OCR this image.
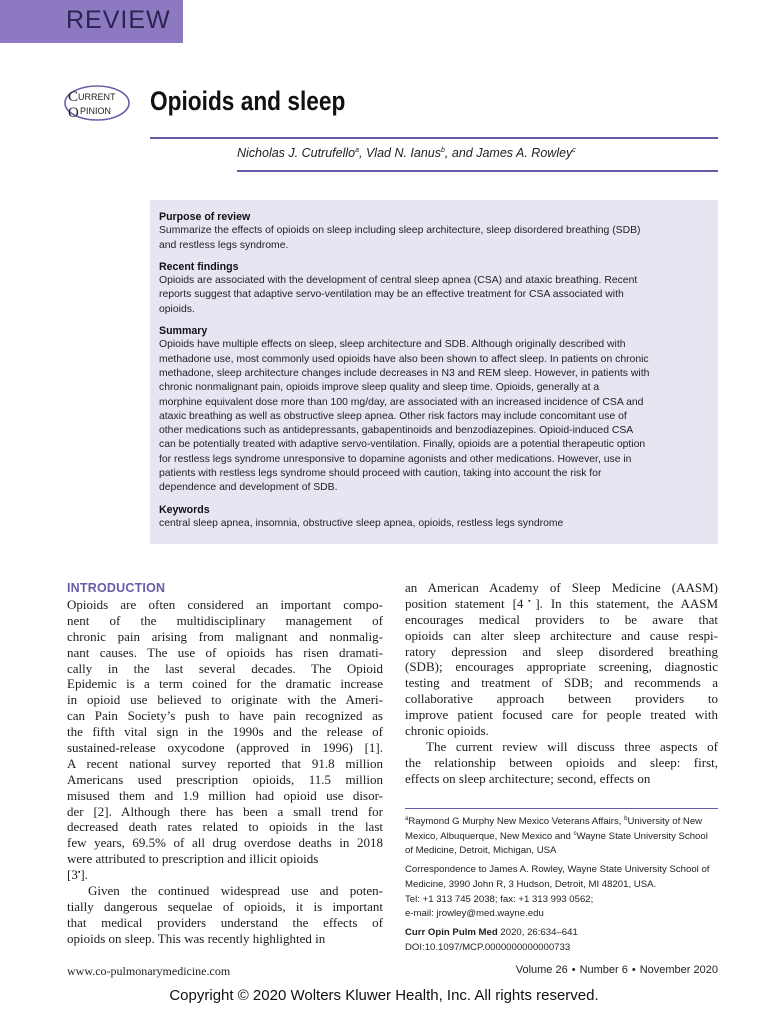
REVIEW
C
O
URRENT
PINION Opioids and sleep
Nicholas J. Cutrufello$^a$, Vlad N. Ianus$^b$, and James A. Rowley$^c$
Purpose of review
Summarize the effects of opioids on sleep including sleep architecture, sleep disordered breathing (SDB)
and restless legs syndrome.
Recent findings
Opioids are associated with the development of central sleep apnea (CSA) and ataxic breathing. Recent
reports suggest that adaptive servo-ventilation may be an effective treatment for CSA associated with
opioids.
Summary
Opioids have multiple effects on sleep, sleep architecture and SDB. Although originally described with
methadone use, most commonly used opioids have also been shown to affect sleep. In patients on chronic
methadone, sleep architecture changes include decreases in N3 and REM sleep. However, in patients with
chronic nonmalignant pain, opioids improve sleep quality and sleep time. Opioids, generally at a
morphine equivalent dose more than 100 mg/day, are associated with an increased incidence of CSA and
ataxic breathing as well as obstructive sleep apnea. Other risk factors may include concomitant use of
other medications such as antidepressants, gabapentinoids and benzodiazepines. Opioid-induced CSA
can be potentially treated with adaptive servo-ventilation. Finally, opioids are a potential therapeutic option
for restless legs syndrome unresponsive to dopamine agonists and other medications. However, use in
patients with restless legs syndrome should proceed with caution, taking into account the risk for
dependence and development of SDB.
Keywords
central sleep apnea, insomnia, obstructive sleep apnea, opioids, restless legs syndrome
INTRODUCTION
Opioids are often considered an important compo-
nent of the multidisciplinary management of
chronic pain arising from malignant and nonmalig-
nant causes. The use of opioids has risen dramati-
cally in the last several decades. The Opioid
Epidemic is a term coined for the dramatic increase
in opioid use believed to originate with the Ameri-
can Pain Society’s push to have pain recognized as
the fifth vital sign in the 1990s and the release of
sustained-release oxycodone (approved in 1996) [1].
A recent national survey reported that 91.8 million
Americans used prescription opioids, 11.5 million
misused them and 1.9 million had opioid use disor-
der [2]. Although there has been a small trend for
decreased death rates related to opioids in the last
few years, 69.5% of all drug overdose deaths in 2018
were attributed to prescription and illicit opioids
[3▪].
Given the continued widespread use and poten-
tially dangerous sequelae of opioids, it is important
that medical providers understand the effects of
opioids on sleep. This was recently highlighted in
an American Academy of Sleep Medicine (AASM)
position statement [4▪]. In this statement, the AASM
encourages medical providers to be aware that
opioids can alter sleep architecture and cause respi-
ratory depression and sleep disordered breathing
(SDB); encourages appropriate screening, diagnostic
testing and treatment of SDB; and recommends a
collaborative approach between providers to
improve patient focused care for people treated with
chronic opioids.
The current review will discuss three aspects of
the relationship between opioids and sleep: first,
effects on sleep architecture; second, effects on
$^a$Raymond G Murphy New Mexico Veterans Affairs, $^b$University of New
Mexico, Albuquerque, New Mexico and $^c$Wayne State University School
of Medicine, Detroit, Michigan, USA
Correspondence to James A. Rowley, Wayne State University School of
Medicine, 3990 John R, 3 Hudson, Detroit, MI 48201, USA.
Tel: +1 313 745 2038; fax: +1 313 993 0562;
e-mail: jrowley@med.wayne.edu
Curr Opin Pulm Med 2020, 26:634–641
DOI:10.1097/MCP.0000000000000733
www.co-pulmonarymedicine.com	Volume 26 • Number 6 • November 2020
Copyright © 2020 Wolters Kluwer Health, Inc. All rights reserved.
